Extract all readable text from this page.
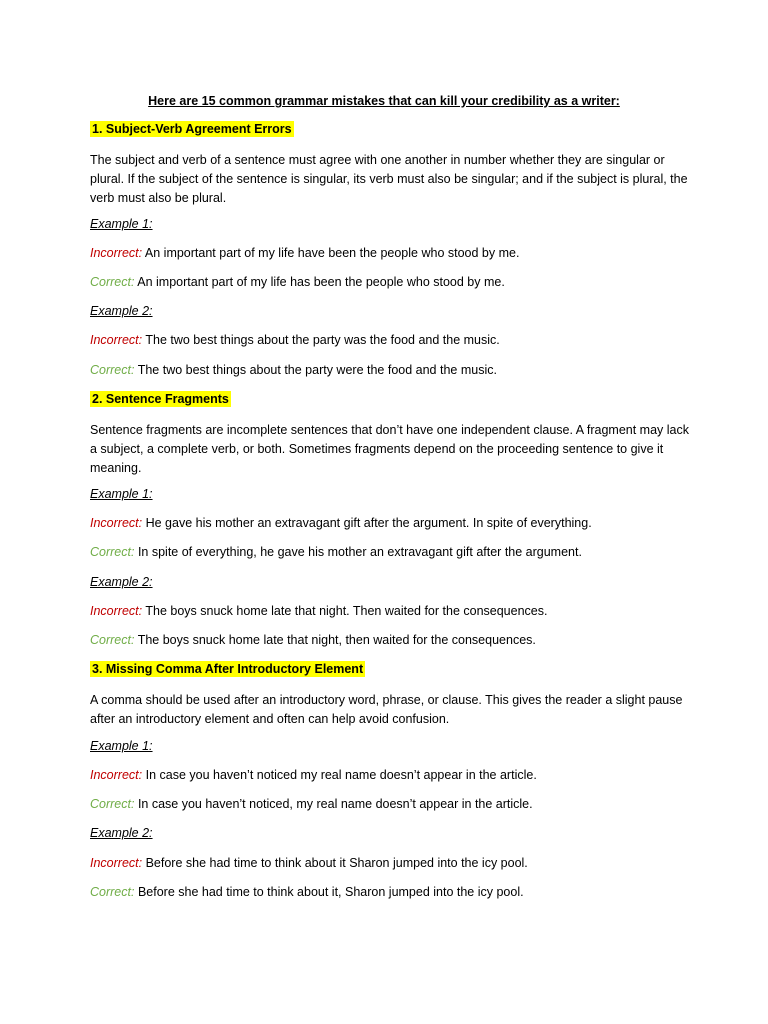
Here are 15 common grammar mistakes that can kill your credibility as a writer:
1. Subject-Verb Agreement Errors
The subject and verb of a sentence must agree with one another in number whether they are singular or plural. If the subject of the sentence is singular, its verb must also be singular; and if the subject is plural, the verb must also be plural.
Example 1:
Incorrect: An important part of my life have been the people who stood by me.
Correct: An important part of my life has been the people who stood by me.
Example 2:
Incorrect: The two best things about the party was the food and the music.
Correct: The two best things about the party were the food and the music.
2. Sentence Fragments
Sentence fragments are incomplete sentences that don’t have one independent clause. A fragment may lack a subject, a complete verb, or both. Sometimes fragments depend on the proceeding sentence to give it meaning.
Example 1:
Incorrect: He gave his mother an extravagant gift after the argument. In spite of everything.
Correct: In spite of everything, he gave his mother an extravagant gift after the argument.
Example 2:
Incorrect: The boys snuck home late that night. Then waited for the consequences.
Correct: The boys snuck home late that night, then waited for the consequences.
3. Missing Comma After Introductory Element
A comma should be used after an introductory word, phrase, or clause. This gives the reader a slight pause after an introductory element and often can help avoid confusion.
Example 1:
Incorrect: In case you haven’t noticed my real name doesn’t appear in the article.
Correct: In case you haven’t noticed, my real name doesn’t appear in the article.
Example 2:
Incorrect: Before she had time to think about it Sharon jumped into the icy pool.
Correct: Before she had time to think about it, Sharon jumped into the icy pool.
